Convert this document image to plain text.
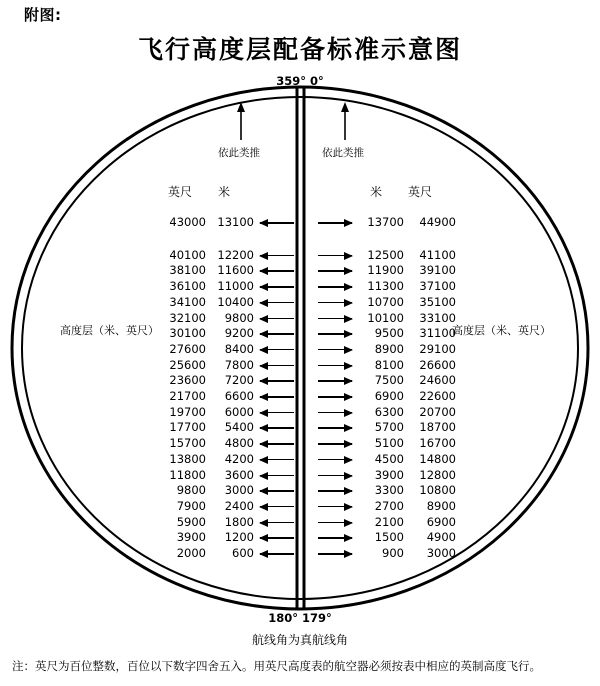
附图:
飞行高度层配备标准示意图
359° 0°
180° 179°
航线角为真航线角
注：英尺为百位整数，百位以下数字四舍五入。用英尺高度表的航空器必须按表中相应的英制高度飞行。
高度层（米、英尺）	高度层（米、英尺）
依此类推	依此类推
英尺 米	米 英尺
43000 13100
40100 12200
38100 11600
36100 11000
34100 10400
32100	9800
30100	9200
27600	8400
25600	7800
23600	7200
21700	6600
19700	6000
17700	5400
15700	4800
13800	4200
11800	3600
9800	3000
7900	2400
5900	1800
3900	1200
2000	600
13700	44900
12500	41100
11900	39100
11300	37100
10700	35100
10100	33100
9500	31100
8900	29100
8100	26600
7500	24600
6900	22600
6300	20700
5700	18700
5100	16700
4500	14800
3900	12800
3300	10800
2700	8900
2100	6900
1500	4900
900	3000
